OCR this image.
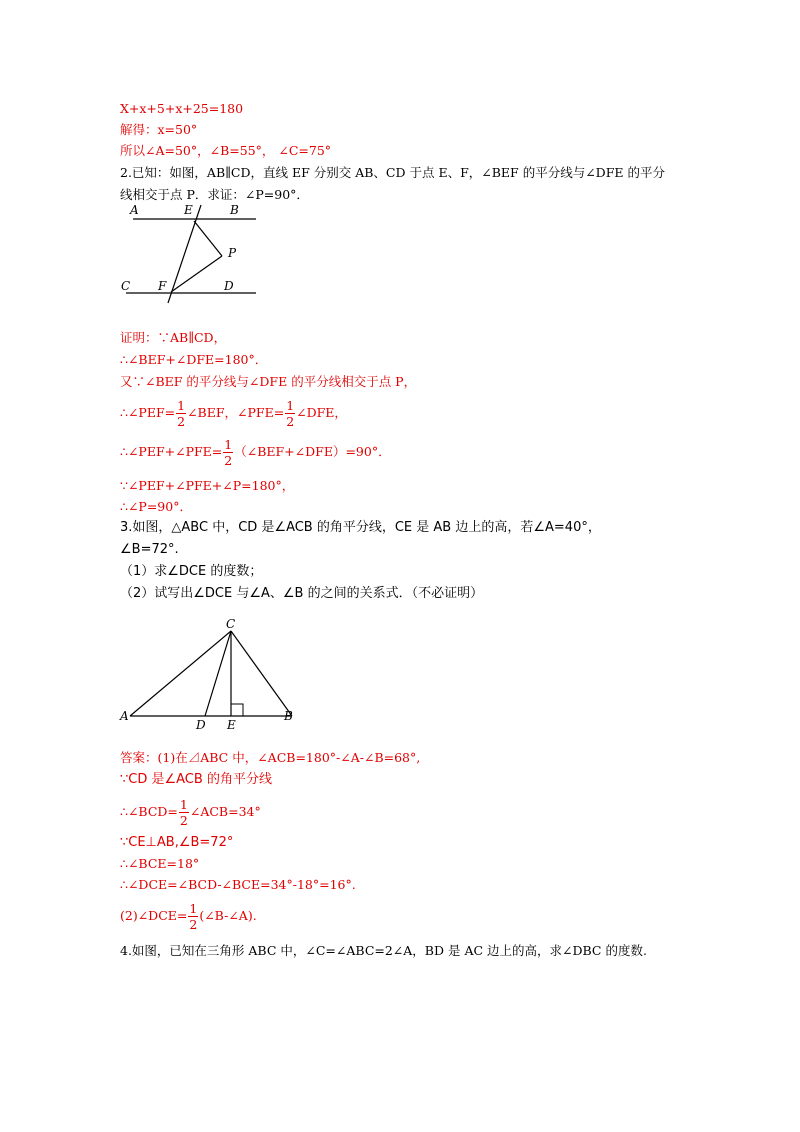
X+x+5+x+25=180
解得：x=50°
所以∠A=50°，∠B=55°， ∠C=75°
2.已知：如图，AB∥CD，直线 EF 分别交 AB、CD 于点 E、F，∠BEF 的平分线与∠DFE 的平分
线相交于点 P．求证：∠P=90°．
A	E	B
P
C F	D
证明：∵AB∥CD，
∴∠BEF+∠DFE=180°．
又∵∠BEF 的平分线与∠DFE 的平分线相交于点 P，
∴∠PEF= $\frac{1}{2}$ ∠BEF，∠PFE= $\frac{1}{2}$ ∠DFE，
∴∠PEF+∠PFE= $\frac{1}{2}$ （∠BEF+∠DFE）=90°．
∵∠PEF+∠PFE+∠P=180°，
∴∠P=90°．
3.如图，△ABC 中，CD 是∠ACB 的角平分线，CE 是 AB 边上的高，若∠A=40°，
∠B=72°.
（1）求∠DCE 的度数；
（2）试写出∠DCE 与∠A、∠B 的之间的关系式．（不必证明）
C
A
D E
B
答案：(1)在⊿ABC 中，∠ACB=180°-∠A-∠B=68°,
∵CD 是∠ACB 的角平分线
∴∠BCD= $\frac{1}{2}$ ∠ACB=34°
∵CE⊥AB,∠B=72°
∴∠BCE=18°
∴∠DCE=∠BCD-∠BCE=34°-18°=16°.
(2)∠DCE= $\frac{1}{2}$ (∠B-∠A).
4.如图，已知在三角形 ABC 中，∠C=∠ABC=2∠A，BD 是 AC 边上的高，求∠DBC 的度数.
